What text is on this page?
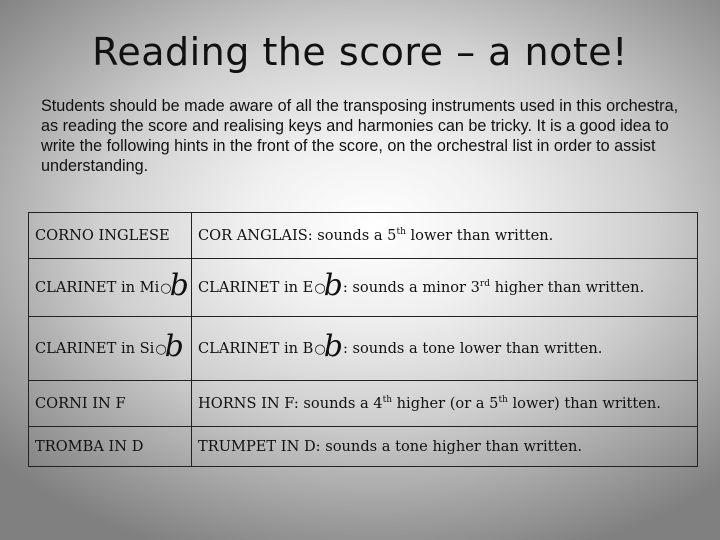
Reading the score – a note!
Students should be made aware of all the transposing instruments used in this orchestra, as reading the score and realising keys and harmonies can be tricky. It is a good idea to write the following hints in the front of the score, on the orchestral list in order to assist understanding.
CORNO INGLESE	COR ANGLAIS: sounds a 5th lower than written.
CLARINET in Mi○b	CLARINET in E○b: sounds a minor 3rd higher than written.
CLARINET in Si○b	CLARINET in B○b: sounds a tone lower than written.
CORNI IN F	HORNS IN F: sounds a 4th higher (or a 5th lower) than written.
TROMBA IN D	TRUMPET IN D: sounds a tone higher than written.
